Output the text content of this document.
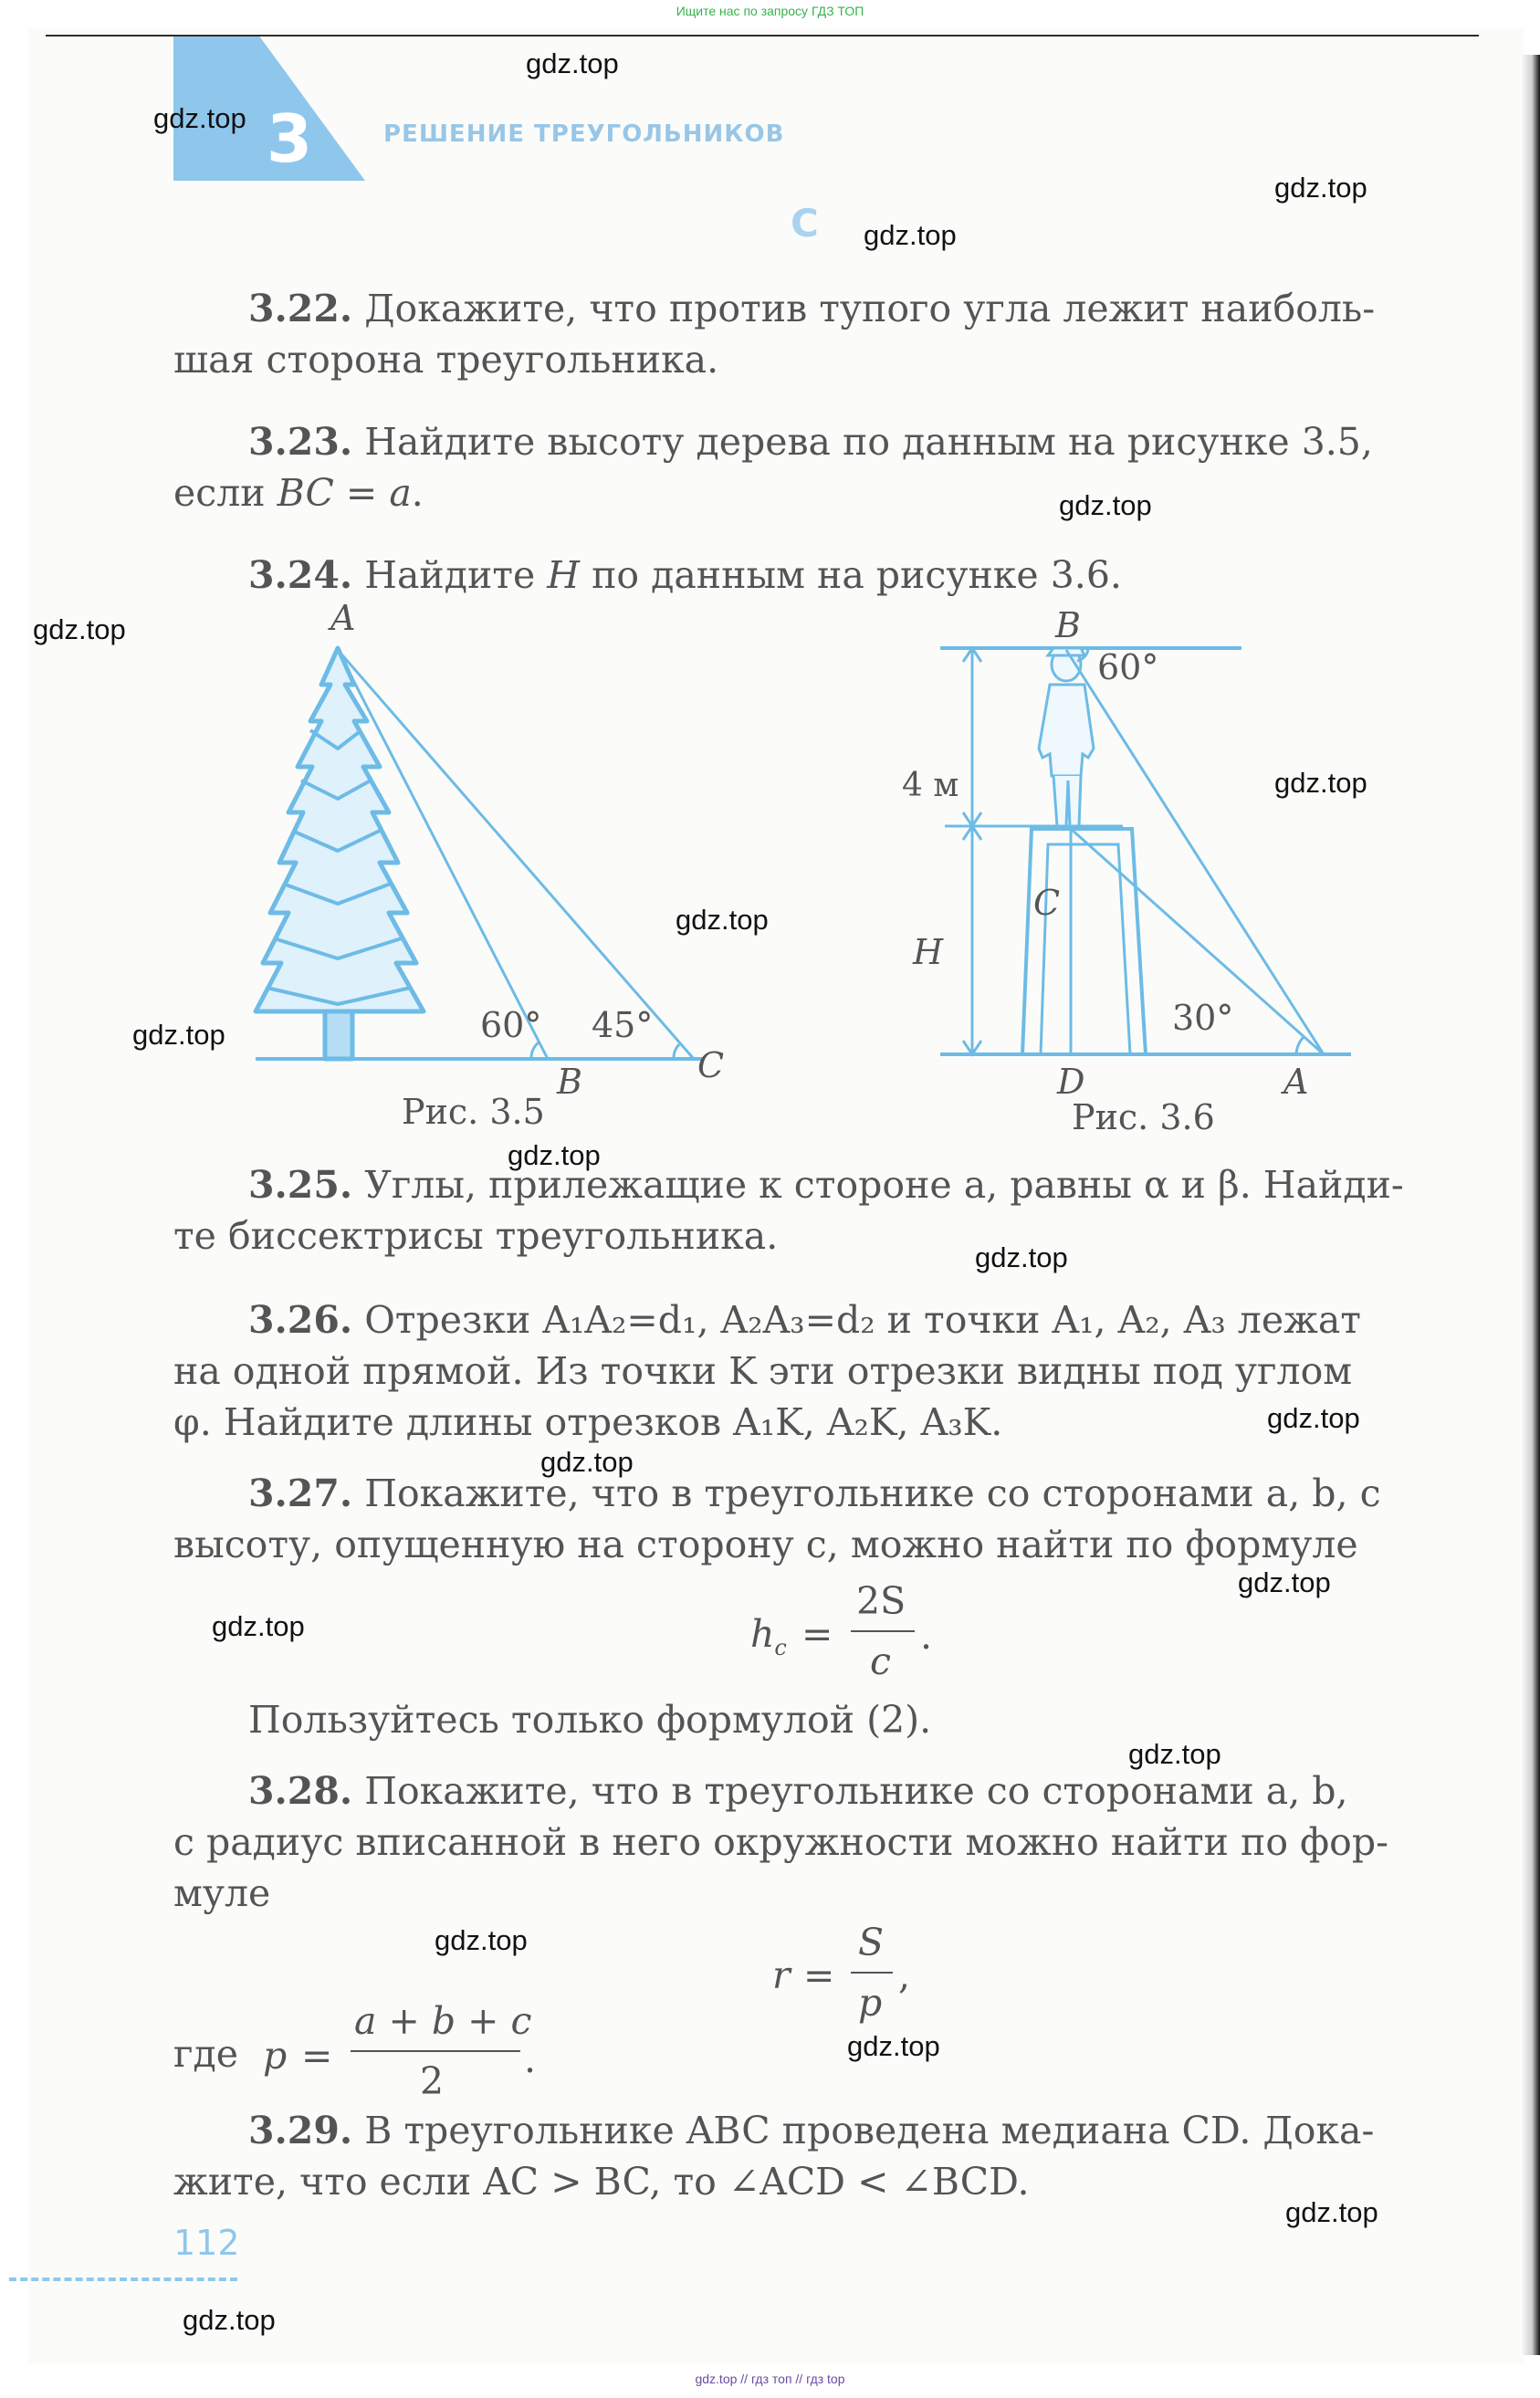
Ищите нас по запросу ГДЗ ТОП
3	РЕШЕНИЕ ТРЕУГОЛЬНИКОВ
С
3.22. Докажите, что против тупого угла лежит наиболь-
шая сторона треугольника.
3.23. Найдите высоту дерева по данным на рисунке 3.5,
если BC = a.
3.24. Найдите H по данным на рисунке 3.6.
A
B	C
60° 45°
Рис. 3.5
B
60°
4 м
C
H
30°
D	A
Рис. 3.6
3.25. Углы, прилежащие к стороне a, равны α и β. Найди-
те биссектрисы треугольника.
3.26. Отрезки A₁A₂=d₁, A₂A₃=d₂ и точки A₁, A₂, A₃ лежат
на одной прямой. Из точки K эти отрезки видны под углом
φ. Найдите длины отрезков A₁K, A₂K, A₃K.
3.27. Покажите, что в треугольнике со сторонами a, b, c
высоту, опущенную на сторону c, можно найти по формуле
$h_c$ =
2S
c
.
Пользуйтесь только формулой (2).
3.28. Покажите, что в треугольнике со сторонами a, b,
c радиус вписанной в него окружности можно найти по фор-
муле
r =
S
p
,
где p =
a + b + c
2 .
3.29. В треугольнике ABC проведена медиана CD. Дока-
жите, что если AC > BC, то ∠ACD < ∠BCD.
112
gdz.top
gdz.top
gdz.top
gdz.top
gdz.top
gdz.top
gdz.top
gdz.top
gdz.top
gdz.top
gdz.top
gdz.top
gdz.top
gdz.top
gdz.top
gdz.top
gdz.top
gdz.top
gdz.top
gdz.top
gdz.top // гдз топ // гдз top
